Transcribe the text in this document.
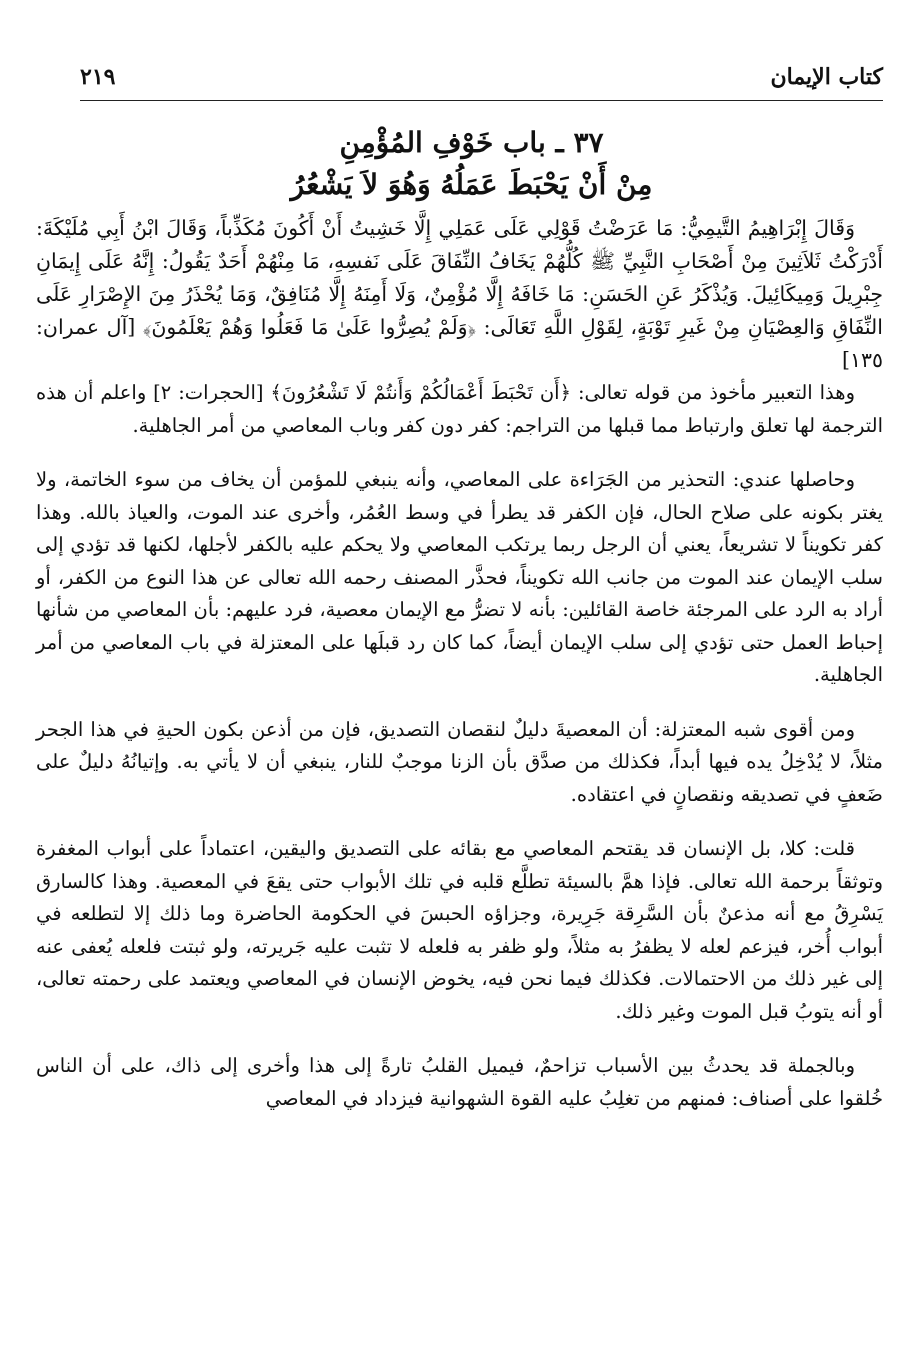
كتاب الإيمان
٢١٩
٣٧ ـ باب خَوْفِ المُؤْمِنِ
مِنْ أَنْ يَحْبَطَ عَمَلُهُ وَهُوَ لاَ يَشْعُرُ

وَقَالَ إِبْرَاهِيمُ التَّيمِيُّ: مَا عَرَضْتُ قَوْلِي عَلَى عَمَلِي إِلَّا خَشِيتُ أَنْ أَكُونَ مُكَذِّباً، وَقَالَ ابْنُ أَبِي مُلَيْكَةَ: أَدْرَكْتُ ثَلاَثِينَ مِنْ أَصْحَابِ النَّبِيِّ ﷺ كُلُّهُمْ يَخَافُ النِّفَاقَ عَلَى نَفسِهِ، مَا مِنْهُمْ أَحَدٌ يَقُولُ: إِنَّهُ عَلَى إِيمَانِ جِبْرِيلَ وَمِيكَائِيلَ. وَيُذْكَرُ عَنِ الحَسَنِ: مَا خَافَهُ إِلَّا مُؤْمِنٌ، وَلَا أَمِنَهُ إِلَّا مُنَافِقٌ، وَمَا يُحْذَرُ مِنَ الإِصْرَارِ عَلَى النِّفَاقِ وَالعِصْيَانِ مِنْ غَيرِ تَوْبَةٍ، لِقَوْلِ اللَّهِ تَعَالَى: ﴿وَلَمْ يُصِرُّوا عَلَىٰ مَا فَعَلُوا وَهُمْ يَعْلَمُونَ﴾ [آل عمران: ١٣٥]

وهذا التعبير مأخوذ من قوله تعالى: ﴿أَن تَحْبَطَ أَعْمَالُكُمْ وَأَنتُمْ لَا تَشْعُرُونَ﴾ [الحجرات: ٢] واعلم أن هذه الترجمة لها تعلق وارتباط مما قبلها من التراجم: كفر دون كفر وباب المعاصي من أمر الجاهلية.

وحاصلها عندي: التحذير من الجَرَاءة على المعاصي، وأنه ينبغي للمؤمن أن يخاف من سوء الخاتمة، ولا يغتر بكونه على صلاح الحال، فإن الكفر قد يطرأ في وسط العُمُر، وأخرى عند الموت، والعياذ بالله. وهذا كفر تكويناً لا تشريعاً، يعني أن الرجل ربما يرتكب المعاصي ولا يحكم عليه بالكفر لأجلها، لكنها قد تؤدي إلى سلب الإيمان عند الموت من جانب الله تكويناً، فحذَّر المصنف رحمه الله تعالى عن هذا النوع من الكفر، أو أراد به الرد على المرجئة خاصة القائلين: بأنه لا تضرُّ مع الإيمان معصية، فرد عليهم: بأن المعاصي من شأنها إحباط العمل حتى تؤدي إلى سلب الإيمان أيضاً، كما كان رد قبلَها على المعتزلة في باب المعاصي من أمر الجاهلية.

ومن أقوى شبه المعتزلة: أن المعصيةَ دليلٌ لنقصان التصديق، فإن من أذعن بكون الحيةِ في هذا الجحر مثلاً، لا يُدْخِلُ يده فيها أبداً، فكذلك من صدَّق بأن الزنا موجبٌ للنار، ينبغي أن لا يأتي به. وإتيانُهُ دليلٌ على ضَعفٍ في تصديقه ونقصانٍ في اعتقاده.

قلت: كلا، بل الإنسان قد يقتحم المعاصي مع بقائه على التصديق واليقين، اعتماداً على أبواب المغفرة وتوثقاً برحمة الله تعالى. فإذا همَّ بالسيئة تطلَّع قلبه في تلك الأبواب حتى يقعَ في المعصية. وهذا كالسارق يَسْرِقُ مع أنه مذعنٌ بأن السَّرِقة جَرِيرة، وجزاؤه الحبسَ في الحكومة الحاضرة وما ذلك إلا لتطلعه في أبواب أُخر، فيزعم لعله لا يظفرُ به مثلاً، ولو ظفر به فلعله لا تثبت عليه جَريرته، ولو ثبتت فلعله يُعفى عنه إلى غير ذلك من الاحتمالات. فكذلك فيما نحن فيه، يخوض الإنسان في المعاصي ويعتمد على رحمته تعالى، أو أنه يتوبُ قبل الموت وغير ذلك.

وبالجملة قد يحدثُ بين الأسباب تزاحمٌ، فيميل القلبُ تارةً إلى هذا وأخرى إلى ذاك، على أن الناس خُلقوا على أصناف: فمنهم من تغلِبُ عليه القوة الشهوانية فيزداد في المعاصي
